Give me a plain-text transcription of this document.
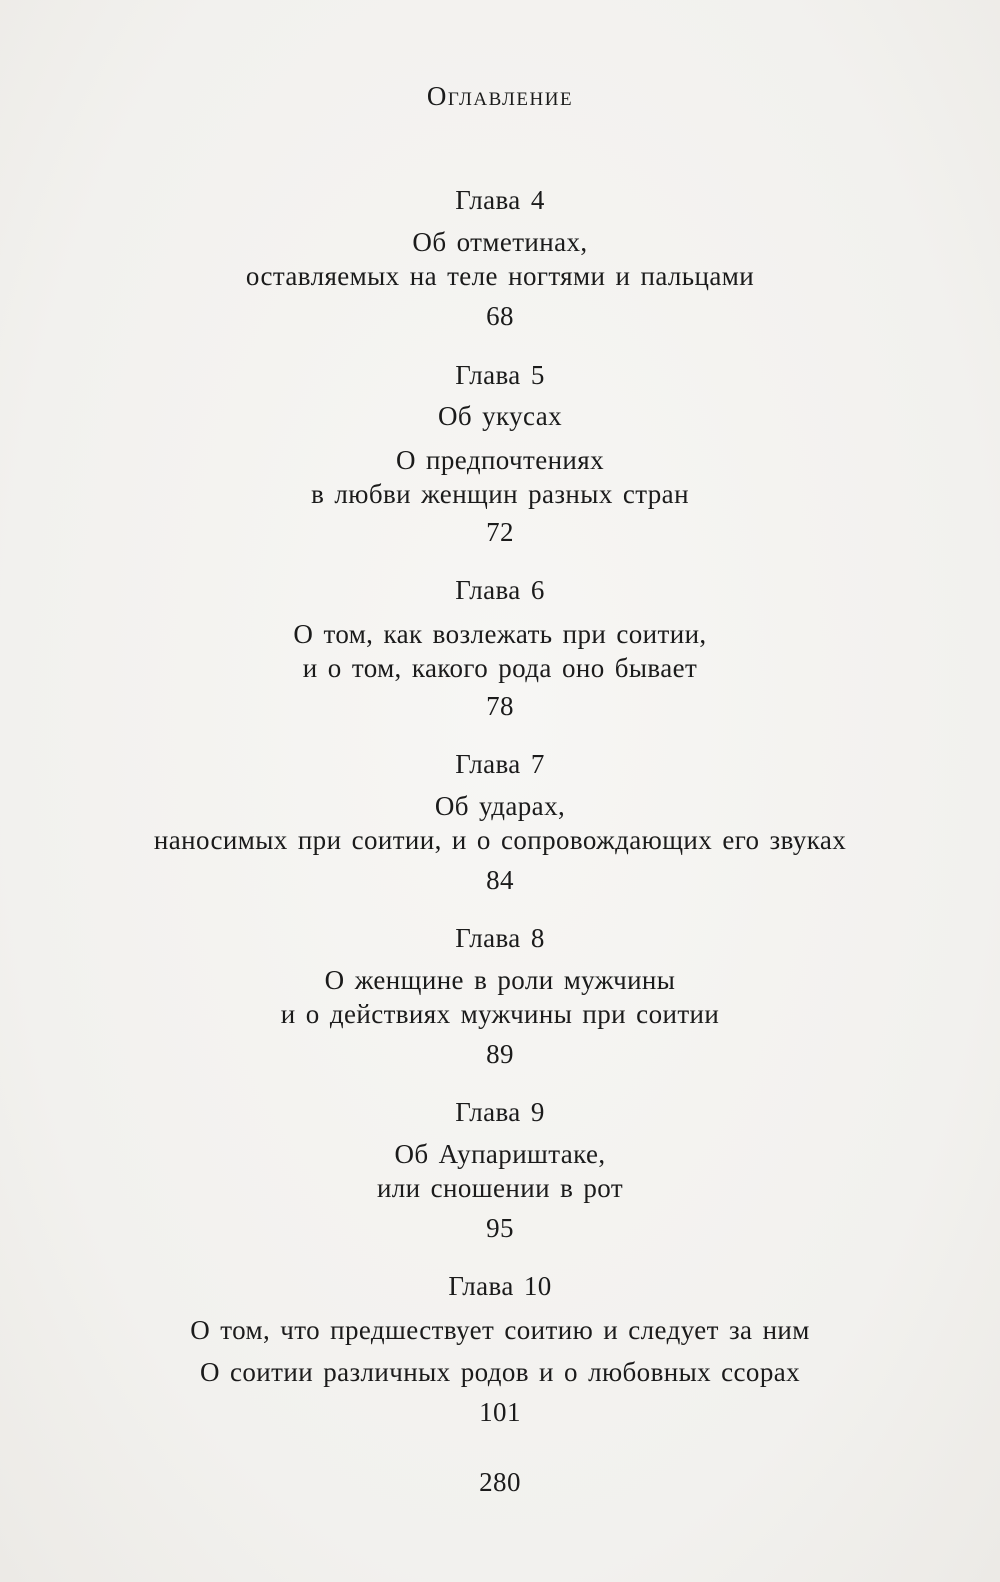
Оглавление
Глава 4
Об отметинах,
оставляемых на теле ногтями и пальцами
68
Глава 5
Об укусах
О предпочтениях
в любви женщин разных стран
72
Глава 6
О том, как возлежать при соитии,
и о том, какого рода оно бывает
78
Глава 7
Об ударах,
наносимых при соитии, и о сопровождающих его звуках
84
Глава 8
О женщине в роли мужчины
и о действиях мужчины при соитии
89
Глава 9
Об Аупариштаке,
или сношении в рот
95
Глава 10
О том, что предшествует соитию и следует за ним
О соитии различных родов и о любовных ссорах
101
280
